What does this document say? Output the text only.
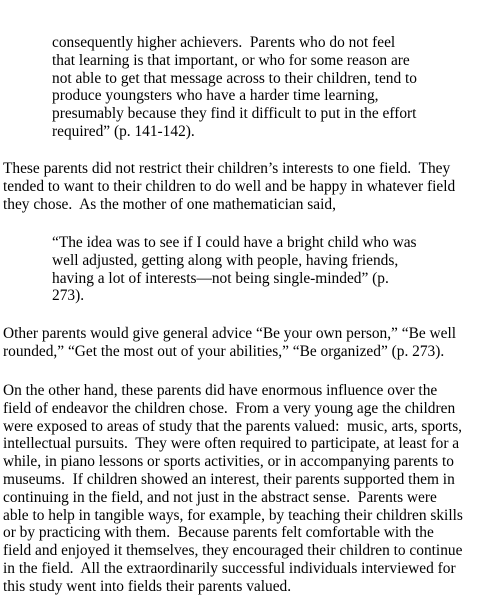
consequently higher achievers.  Parents who do not feel
that learning is that important, or who for some reason are
not able to get that message across to their children, tend to
produce youngsters who have a harder time learning,
presumably because they find it difficult to put in the effort
required” (p. 141-142).
These parents did not restrict their children’s interests to one field.  They
tended to want to their children to do well and be happy in whatever field
they chose.  As the mother of one mathematician said,
“The idea was to see if I could have a bright child who was
well adjusted, getting along with people, having friends,
having a lot of interests—not being single-minded” (p.
273).
Other parents would give general advice “Be your own person,” “Be well
rounded,” “Get the most out of your abilities,” “Be organized” (p. 273).
On the other hand, these parents did have enormous influence over the
field of endeavor the children chose.  From a very young age the children
were exposed to areas of study that the parents valued:  music, arts, sports,
intellectual pursuits.  They were often required to participate, at least for a
while, in piano lessons or sports activities, or in accompanying parents to
museums.  If children showed an interest, their parents supported them in
continuing in the field, and not just in the abstract sense.  Parents were
able to help in tangible ways, for example, by teaching their children skills
or by practicing with them.  Because parents felt comfortable with the
field and enjoyed it themselves, they encouraged their children to continue
in the field.  All the extraordinarily successful individuals interviewed for
this study went into fields their parents valued.
